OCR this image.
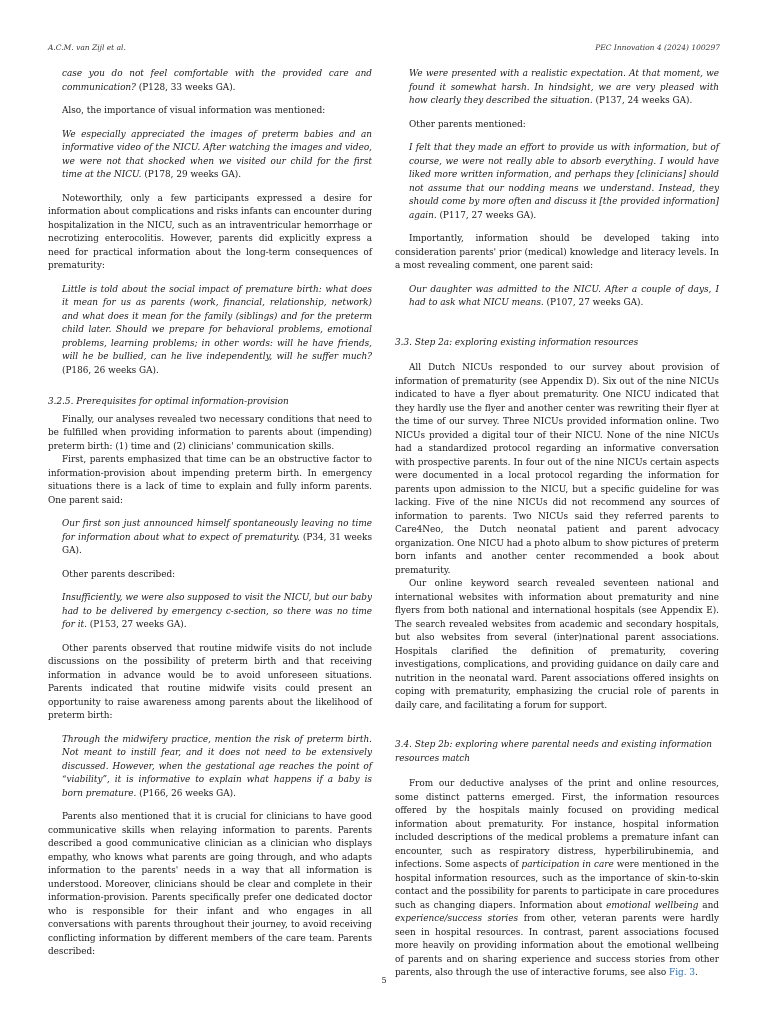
A.C.M. van Zijl et al.	PEC Innovation 4 (2024) 100297
case you do not feel comfortable with the provided care and communication? (P128, 33 weeks GA).

Also, the importance of visual information was mentioned:

We especially appreciated the images of preterm babies and an informative video of the NICU. After watching the images and video, we were not that shocked when we visited our child for the first time at the NICU. (P178, 29 weeks GA).

Noteworthily, only a few participants expressed a desire for information about complications and risks infants can encounter during hospitalization in the NICU, such as an intraventricular hemorrhage or necrotizing enterocolitis. However, parents did explicitly express a need for practical information about the long-term consequences of prematurity:

Little is told about the social impact of premature birth: what does it mean for us as parents (work, financial, relationship, network) and what does it mean for the family (siblings) and for the preterm child later. Should we prepare for behavioral problems, emotional problems, learning problems; in other words: will he have friends, will he be bullied, can he live independently, will he suffer much? (P186, 26 weeks GA).
3.2.5. Prerequisites for optimal information-provision

Finally, our analyses revealed two necessary conditions that need to be fulfilled when providing information to parents about (impending) preterm birth: (1) time and (2) clinicians' communication skills.

First, parents emphasized that time can be an obstructive factor to information-provision about impending preterm birth. In emergency situations there is a lack of time to explain and fully inform parents. One parent said:

Our first son just announced himself spontaneously leaving no time for information about what to expect of prematurity. (P34, 31 weeks GA).

Other parents described:

Insufficiently, we were also supposed to visit the NICU, but our baby had to be delivered by emergency c-section, so there was no time for it. (P153, 27 weeks GA).

Other parents observed that routine midwife visits do not include discussions on the possibility of preterm birth and that receiving information in advance would be to avoid unforeseen situations. Parents indicated that routine midwife visits could present an opportunity to raise awareness among parents about the likelihood of preterm birth:

Through the midwifery practice, mention the risk of preterm birth. Not meant to instill fear, and it does not need to be extensively discussed. However, when the gestational age reaches the point of “viability”, it is informative to explain what happens if a baby is born premature. (P166, 26 weeks GA).

Parents also mentioned that it is crucial for clinicians to have good communicative skills when relaying information to parents. Parents described a good communicative clinician as a clinician who displays empathy, who knows what parents are going through, and who adapts information to the parents' needs in a way that all information is understood. Moreover, clinicians should be clear and complete in their information-provision. Parents specifically prefer one dedicated doctor who is responsible for their infant and who engages in all conversations with parents throughout their journey, to avoid receiving conflicting information by different members of the care team. Parents described:

We were presented with a realistic expectation. At that moment, we found it somewhat harsh. In hindsight, we are very pleased with how clearly they described the situation. (P137, 24 weeks GA).

Other parents mentioned:

I felt that they made an effort to provide us with information, but of course, we were not really able to absorb everything. I would have liked more written information, and perhaps they [clinicians] should not assume that our nodding means we understand. Instead, they should come by more often and discuss it [the provided information] again. (P117, 27 weeks GA).

Importantly, information should be developed taking into consideration parents' prior (medical) knowledge and literacy levels. In a most revealing comment, one parent said:

Our daughter was admitted to the NICU. After a couple of days, I had to ask what NICU means. (P107, 27 weeks GA).
3.3. Step 2a: exploring existing information resources

All Dutch NICUs responded to our survey about provision of information of prematurity (see Appendix D). Six out of the nine NICUs indicated to have a flyer about prematurity. One NICU indicated that they hardly use the flyer and another center was rewriting their flyer at the time of our survey. Three NICUs provided information online. Two NICUs provided a digital tour of their NICU. None of the nine NICUs had a standardized protocol regarding an informative conversation with prospective parents. In four out of the nine NICUs certain aspects were documented in a local protocol regarding the information for parents upon admission to the NICU, but a specific guideline for was lacking. Five of the nine NICUs did not recommend any sources of information to parents. Two NICUs said they referred parents to Care4Neo, the Dutch neonatal patient and parent advocacy organization. One NICU had a photo album to show pictures of preterm born infants and another center recommended a book about prematurity.

Our online keyword search revealed seventeen national and international websites with information about prematurity and nine flyers from both national and international hospitals (see Appendix E). The search revealed websites from academic and secondary hospitals, but also websites from several (inter)national parent associations. Hospitals clarified the definition of prematurity, covering investigations, complications, and providing guidance on daily care and nutrition in the neonatal ward. Parent associations offered insights on coping with prematurity, emphasizing the crucial role of parents in daily care, and facilitating a forum for support.

3.4. Step 2b: exploring where parental needs and existing information resources match

From our deductive analyses of the print and online resources, some distinct patterns emerged. First, the information resources offered by the hospitals mainly focused on providing medical information about prematurity. For instance, hospital information included descriptions of the medical problems a premature infant can encounter, such as respiratory distress, hyperbilirubinemia, and infections. Some aspects of participation in care were mentioned in the hospital information resources, such as the importance of skin-to-skin contact and the possibility for parents to participate in care procedures such as changing diapers. Information about emotional wellbeing and experience/success stories from other, veteran parents were hardly seen in hospital resources. In contrast, parent associations focused more heavily on providing information about the emotional wellbeing of parents and on sharing experience and success stories from other parents, also through the use of interactive forums, see also Fig. 3.

5
